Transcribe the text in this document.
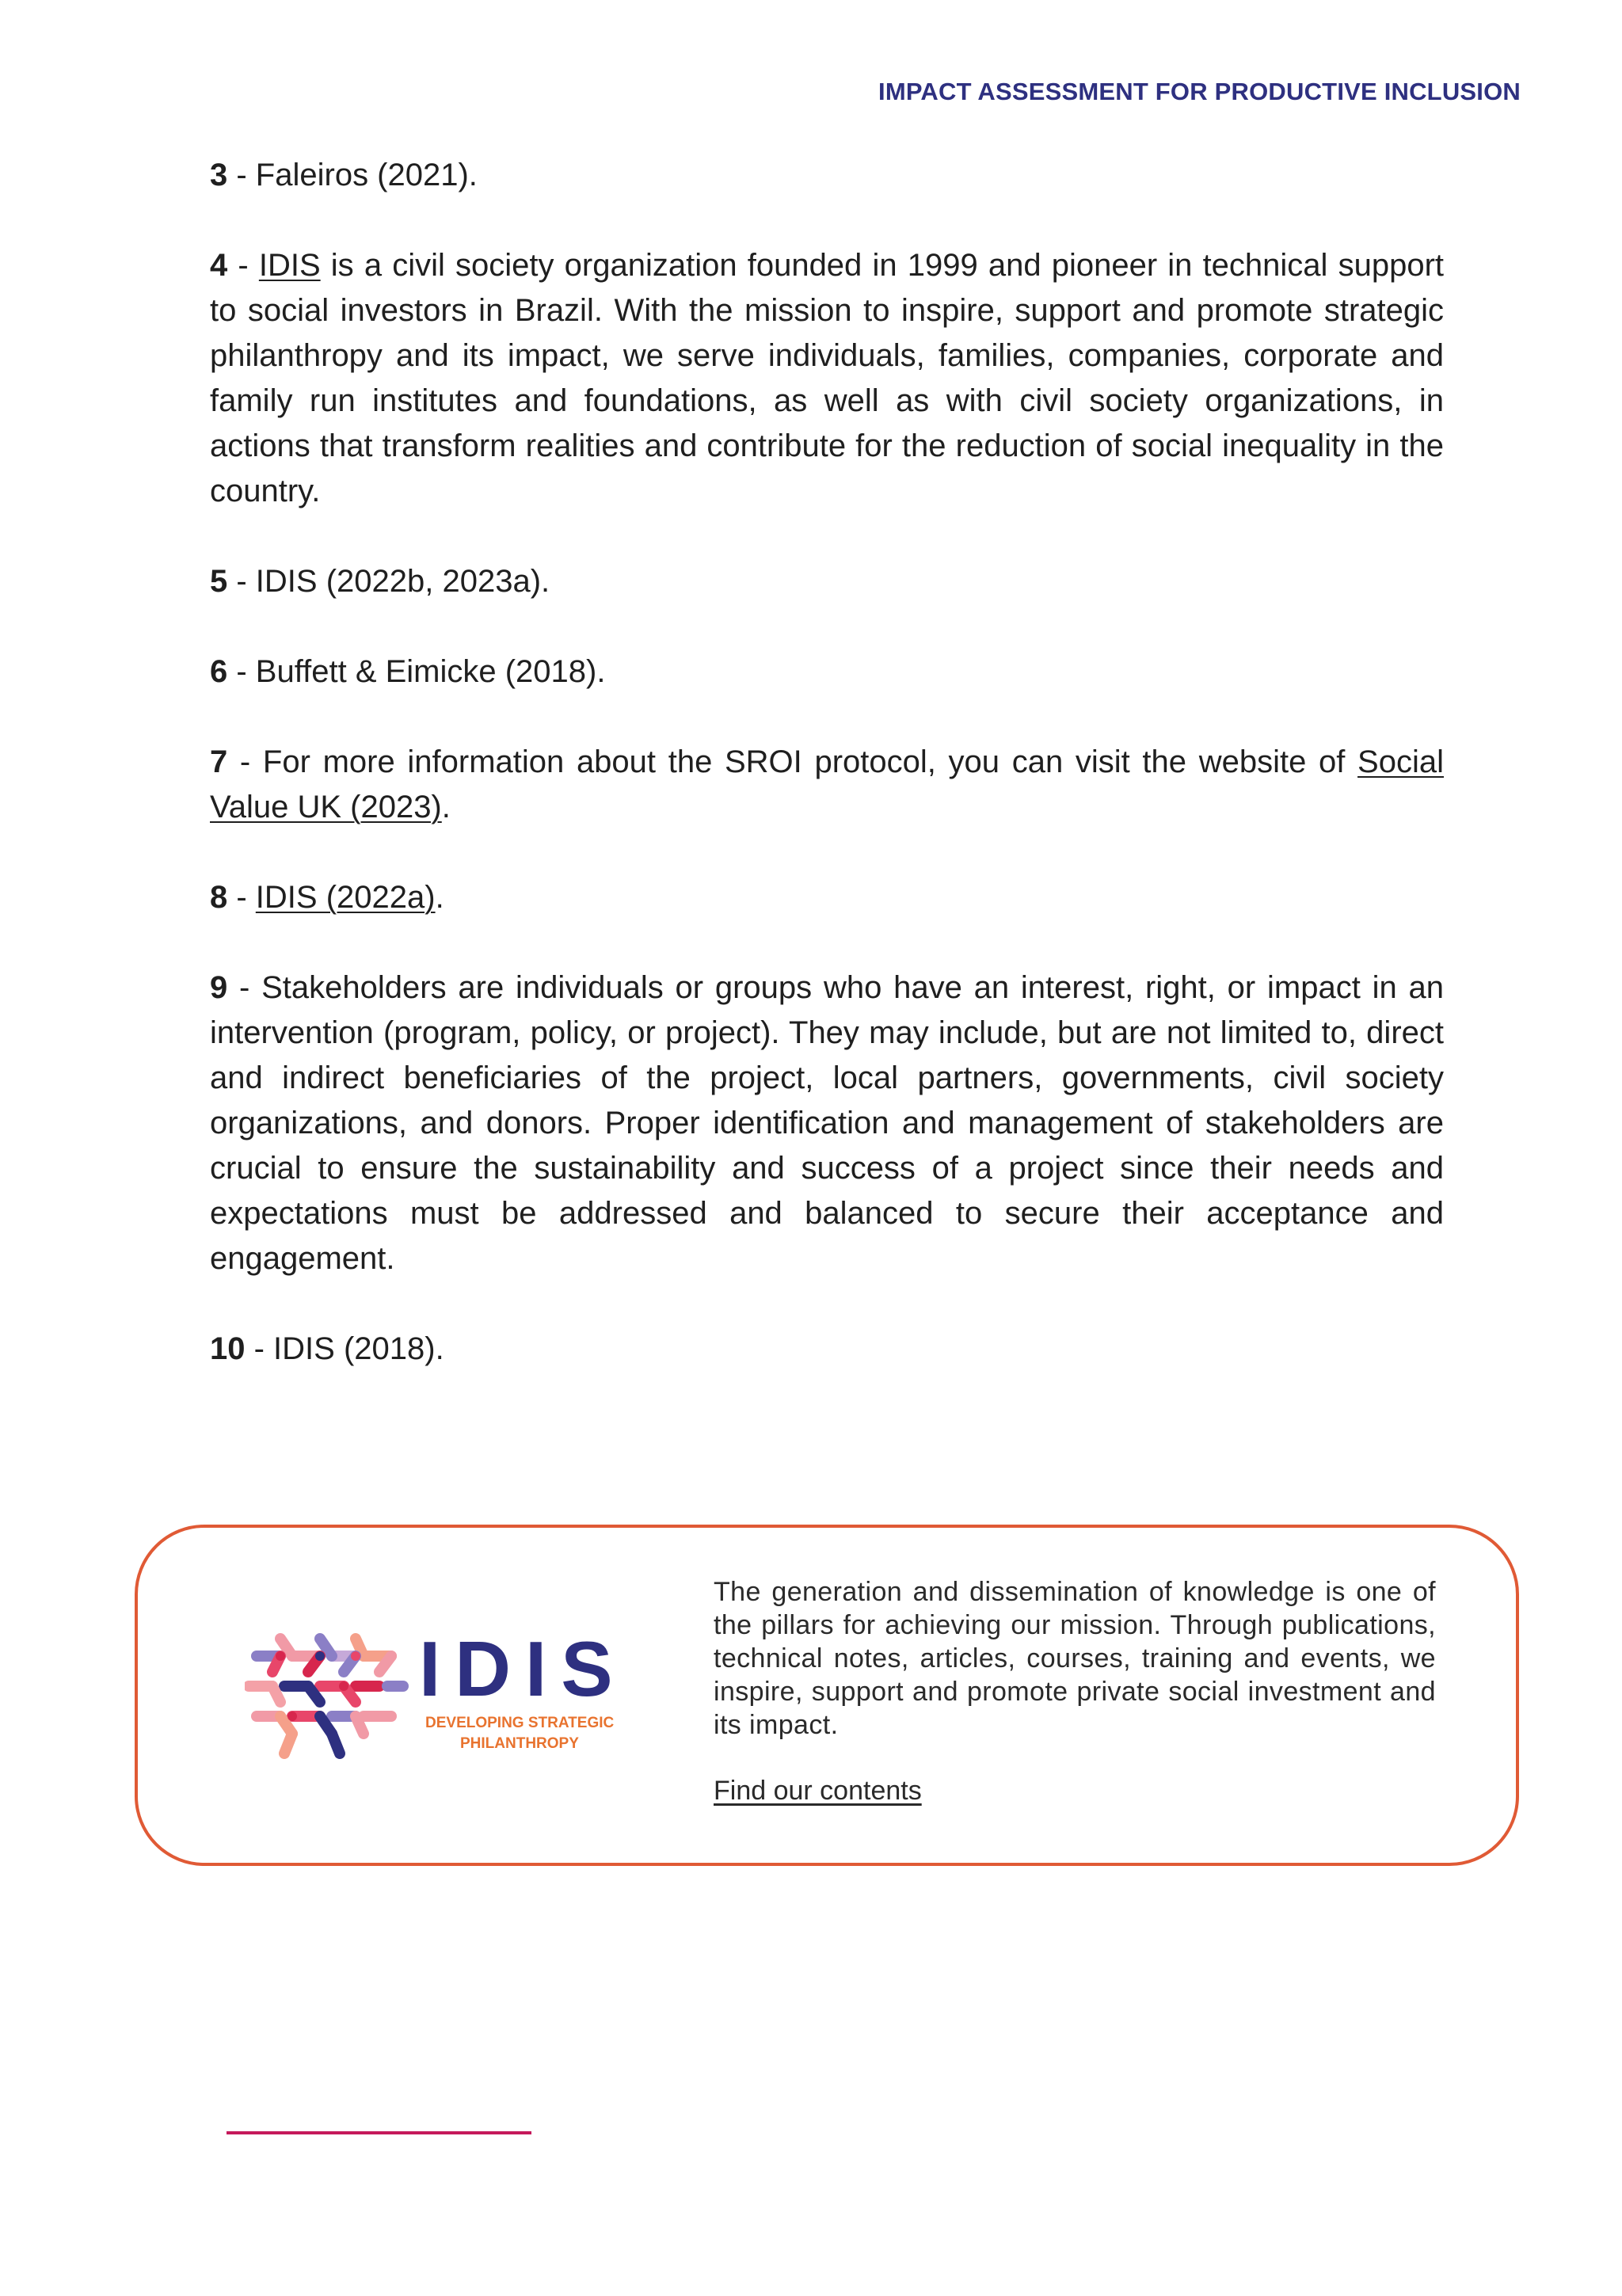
IMPACT ASSESSMENT FOR PRODUCTIVE INCLUSION

3 - Faleiros (2021).

4 - IDIS is a civil society organization founded in 1999 and pioneer in technical support to social investors in Brazil. With the mission to inspire, support and promote strategic philanthropy and its impact, we serve individuals, families, companies, corporate and family run institutes and foundations, as well as with civil society organizations, in actions that transform realities and contribute for the reduction of social inequality in the country.

5 - IDIS (2022b, 2023a).

6 - Buffett & Eimicke (2018).

7 - For more information about the SROI protocol, you can visit the website of Social Value UK (2023).

8 - IDIS (2022a).

9 - Stakeholders are individuals or groups who have an interest, right, or impact in an intervention (program, policy, or project). They may include, but are not limited to, direct and indirect beneficiaries of the project, local partners, governments, civil society organizations, and donors. Proper identification and management of stakeholders are crucial to ensure the sustainability and success of a project since their needs and expectations must be addressed and balanced to secure their acceptance and engagement.

10 - IDIS (2018).

IDIS
DEVELOPING STRATEGIC
PHILANTHROPY
The generation and dissemination of knowledge is one of the pillars for achieving our mission. Through publications, technical notes, articles, courses, training and events, we inspire, support and promote private social investment and its impact.
Find our contents
